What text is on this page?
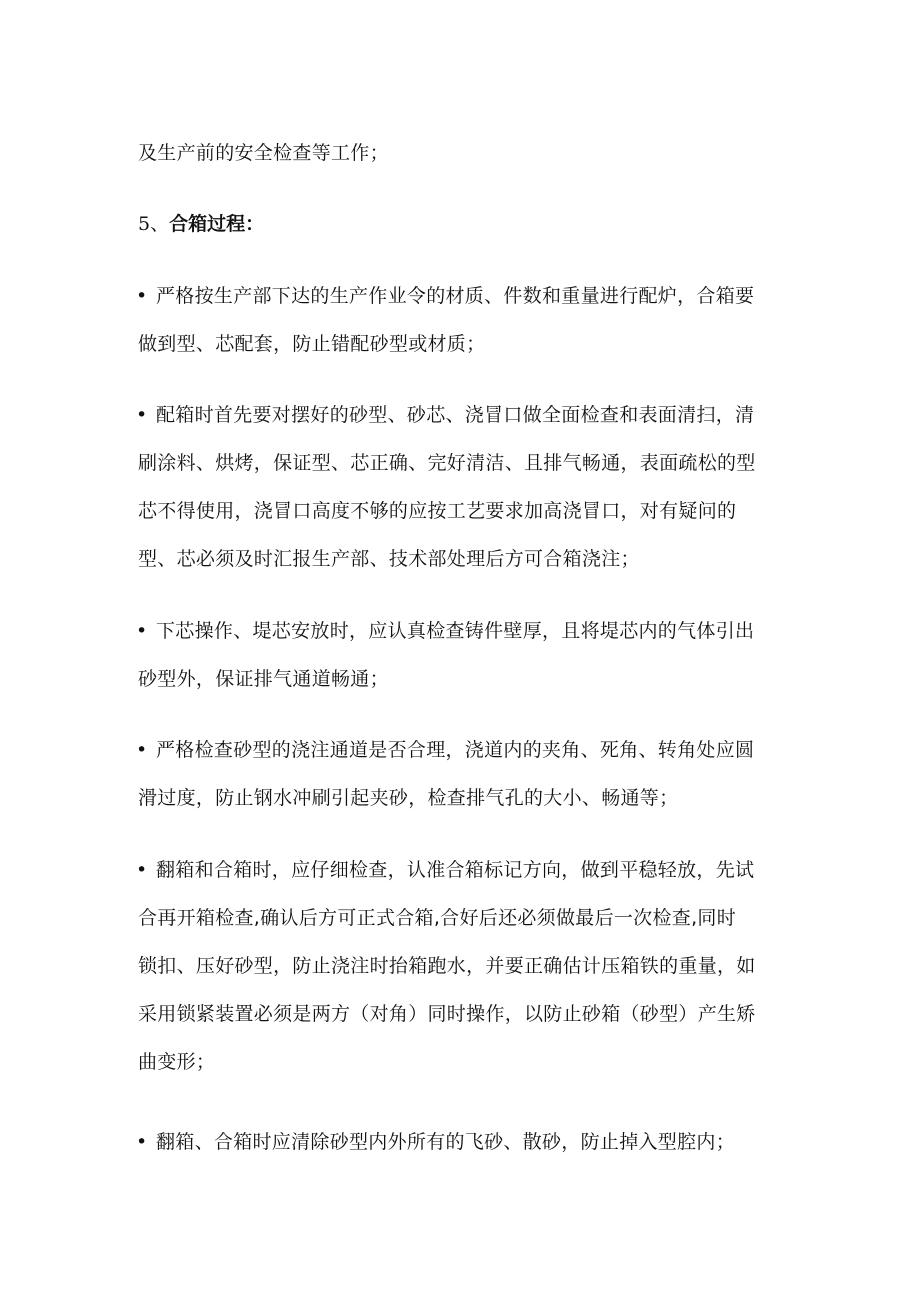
及生产前的安全检查等工作；
5、合箱过程：
• 严格按生产部下达的生产作业令的材质、件数和重量进行配炉，合箱要
做到型、芯配套，防止错配砂型或材质；
• 配箱时首先要对摆好的砂型、砂芯、浇冒口做全面检查和表面清扫，清
刷涂料、烘烤，保证型、芯正确、完好清洁、且排气畅通，表面疏松的型
芯不得使用，浇冒口高度不够的应按工艺要求加高浇冒口，对有疑问的
型、芯必须及时汇报生产部、技术部处理后方可合箱浇注；
• 下芯操作、堤芯安放时，应认真检查铸件壁厚，且将堤芯内的气体引出
砂型外，保证排气通道畅通；
• 严格检查砂型的浇注通道是否合理，浇道内的夹角、死角、转角处应圆
滑过度，防止钢水冲刷引起夹砂，检查排气孔的大小、畅通等；
• 翻箱和合箱时，应仔细检查，认准合箱标记方向，做到平稳轻放，先试
合再开箱检查,确认后方可正式合箱,合好后还必须做最后一次检查,同时
锁扣、压好砂型，防止浇注时抬箱跑水，并要正确估计压箱铁的重量，如
采用锁紧装置必须是两方（对角）同时操作，以防止砂箱（砂型）产生矫
曲变形；
• 翻箱、合箱时应清除砂型内外所有的飞砂、散砂，防止掉入型腔内；
